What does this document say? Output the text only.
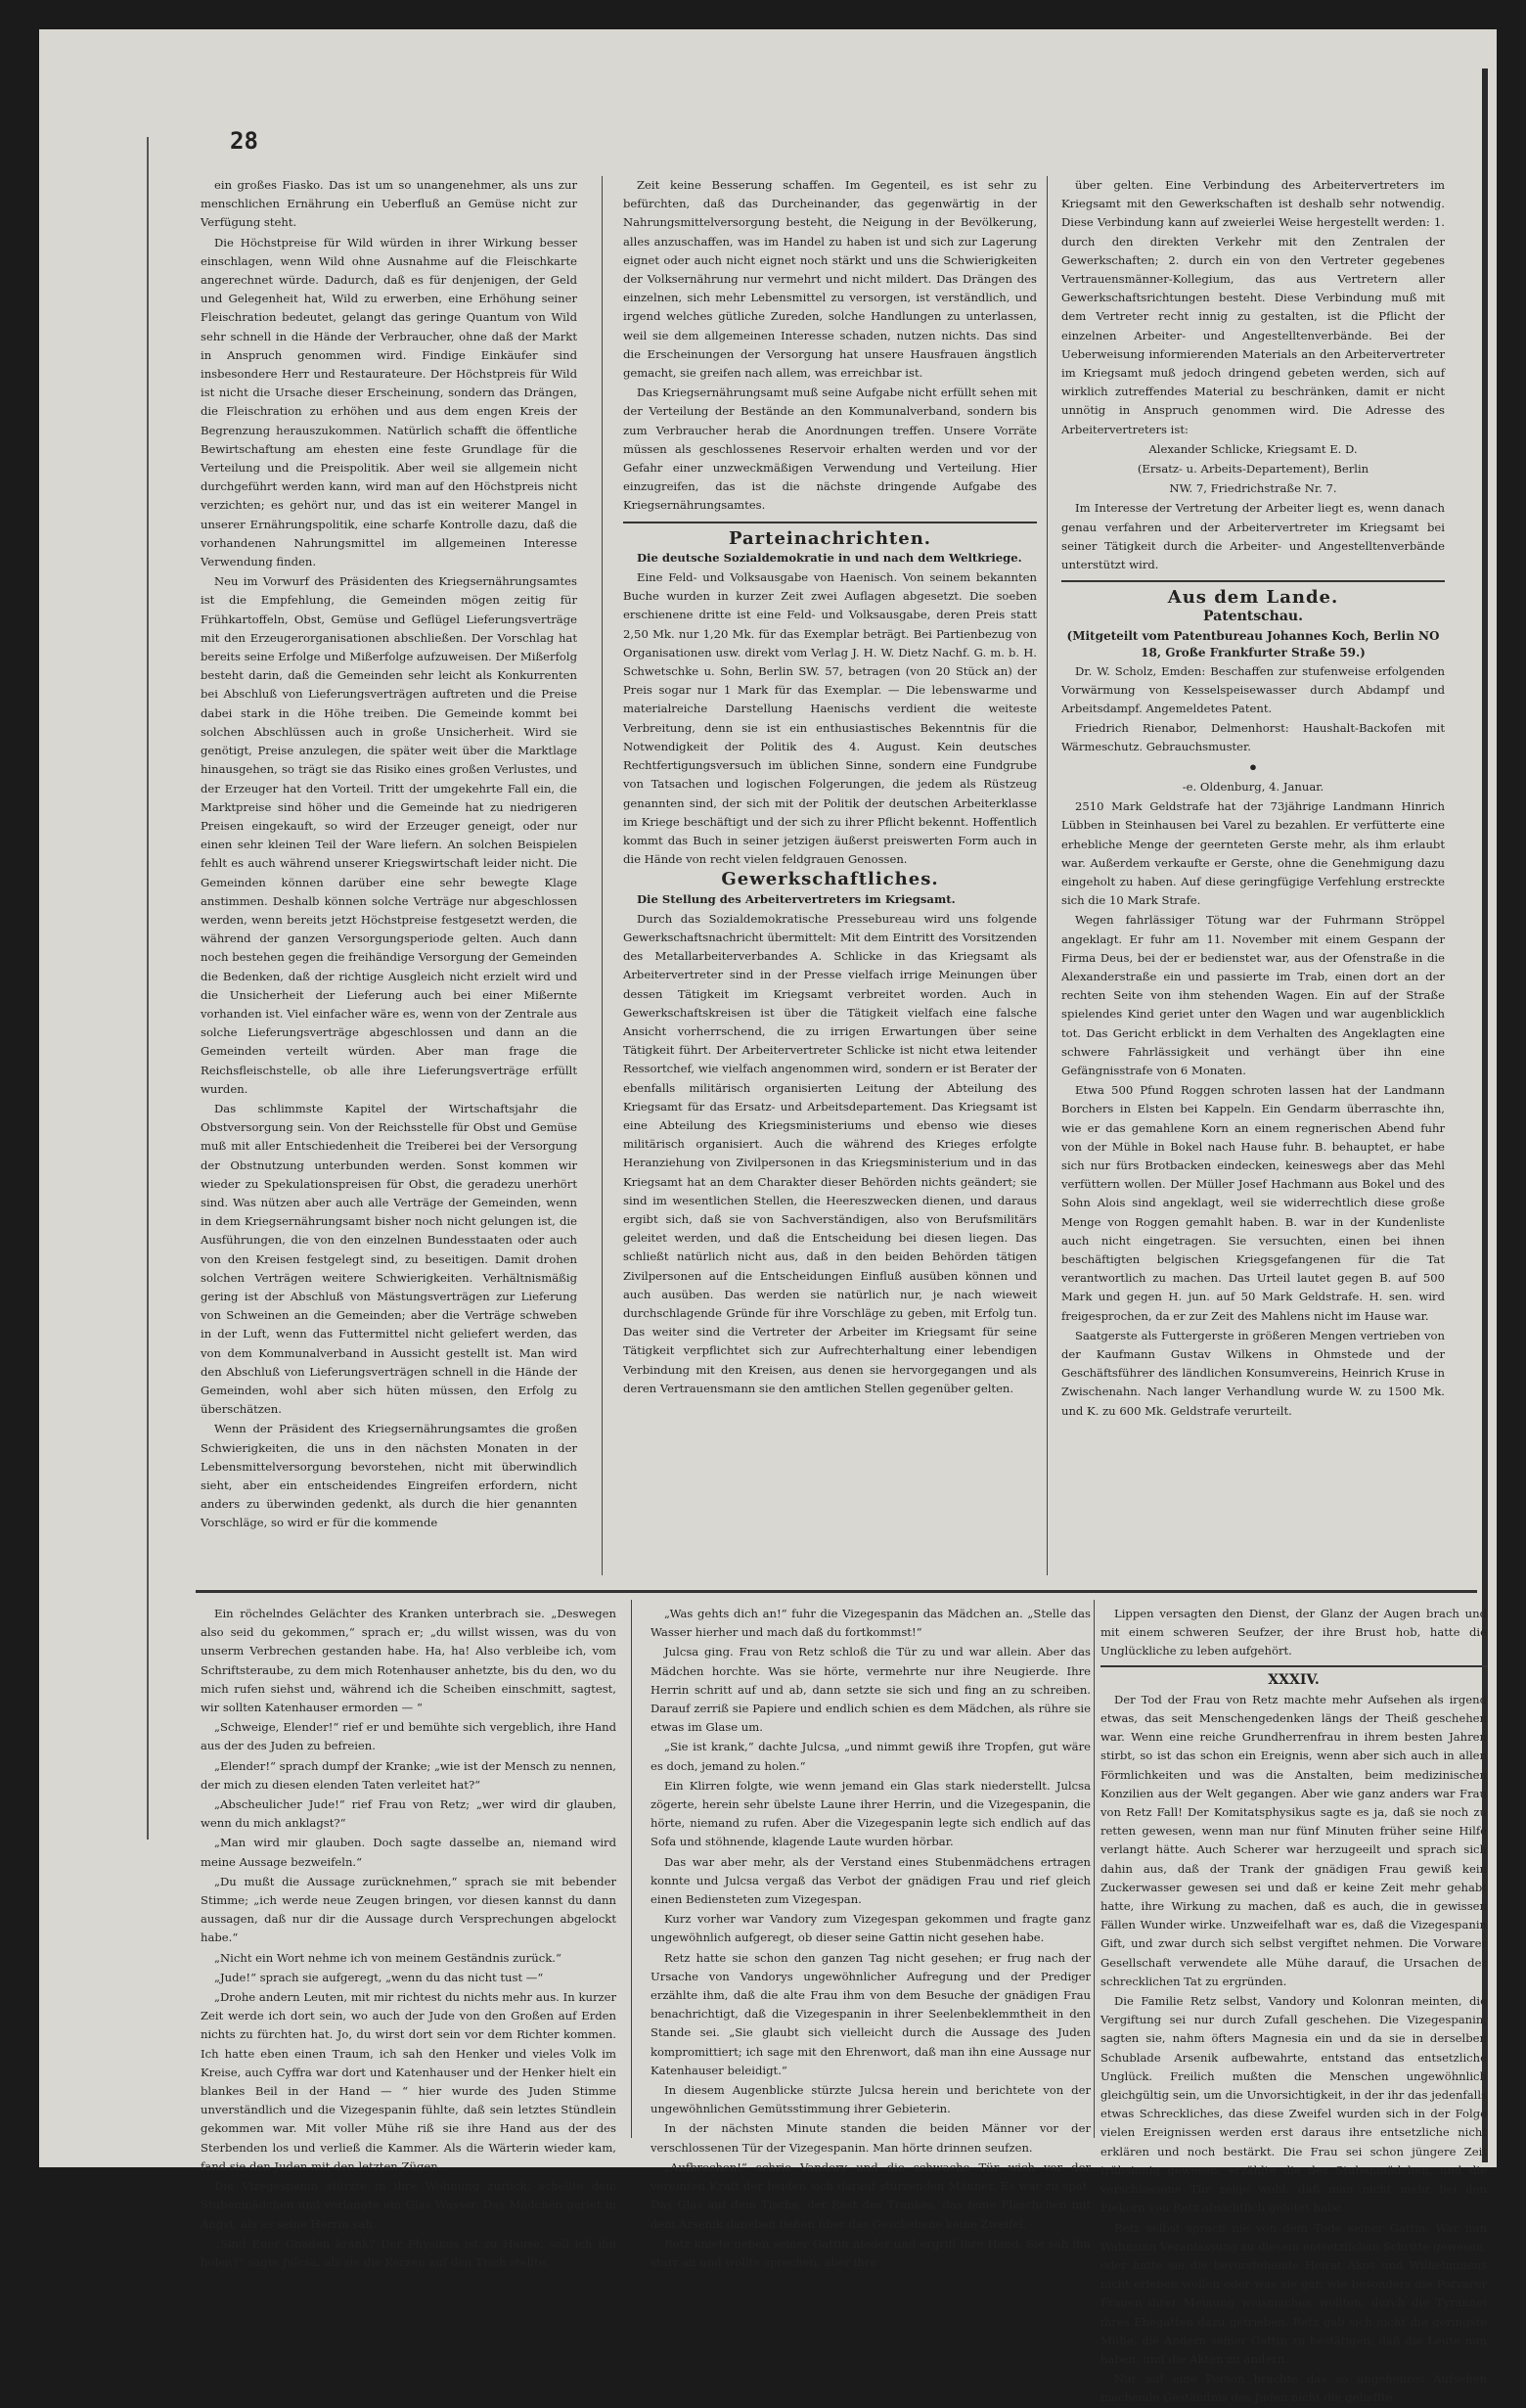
28

ein großes Fiasko. Das ist um so unangenehmer, als uns zur menschlichen Ernährung ein Ueberfluß an Gemüse nicht zur Verfügung steht.

Die Höchstpreise für Wild würden in ihrer Wirkung besser einschlagen, wenn Wild ohne Ausnahme auf die Fleischkarte angerechnet würde. Dadurch, daß es für denjenigen, der Geld und Gelegenheit hat, Wild zu erwerben, eine Erhöhung seiner Fleischration bedeutet, gelangt das geringe Quantum von Wild sehr schnell in die Hände der Verbraucher, ohne daß der Markt in Anspruch genommen wird. Findige Einkäufer sind insbesondere Herr und Restaurateure. Der Höchstpreis für Wild ist nicht die Ursache dieser Erscheinung, sondern das Drängen, die Fleischration zu erhöhen und aus dem engen Kreis der Begrenzung herauszukommen. Natürlich schafft die öffentliche Bewirtschaftung am ehesten eine feste Grundlage für die Verteilung und die Preispolitik. Aber weil sie allgemein nicht durchgeführt werden kann, wird man auf den Höchstpreis nicht verzichten; es gehört nur, und das ist ein weiterer Mangel in unserer Ernährungspolitik, eine scharfe Kontrolle dazu, daß die vorhandenen Nahrungsmittel im allgemeinen Interesse Verwendung finden.

Neu im Vorwurf des Präsidenten des Kriegsernährungsamtes ist die Empfehlung, die Gemeinden mögen zeitig für Frühkartoffeln, Obst, Gemüse und Geflügel Lieferungsverträge mit den Erzeugerorganisationen abschließen. Der Vorschlag hat bereits seine Erfolge und Mißerfolge aufzuweisen. Der Mißerfolg besteht darin, daß die Gemeinden sehr leicht als Konkurrenten bei Abschluß von Lieferungsverträgen auftreten und die Preise dabei stark in die Höhe treiben. Die Gemeinde kommt bei solchen Abschlüssen auch in große Unsicherheit. Wird sie genötigt, Preise anzulegen, die später weit über die Marktlage hinausgehen, so trägt sie das Risiko eines großen Verlustes, und der Erzeuger hat den Vorteil. Tritt der umgekehrte Fall ein, die Marktpreise sind höher und die Gemeinde hat zu niedrigeren Preisen eingekauft, so wird der Erzeuger geneigt, oder nur einen sehr kleinen Teil der Ware liefern. An solchen Beispielen fehlt es auch während unserer Kriegswirtschaft leider nicht. Die Gemeinden können darüber eine sehr bewegte Klage anstimmen. Deshalb können solche Verträge nur abgeschlossen werden, wenn bereits jetzt Höchstpreise festgesetzt werden, die während der ganzen Versorgungsperiode gelten. Auch dann noch bestehen gegen die freihändige Versorgung der Gemeinden die Bedenken, daß der richtige Ausgleich nicht erzielt wird und die Unsicherheit der Lieferung auch bei einer Mißernte vorhanden ist. Viel einfacher wäre es, wenn von der Zentrale aus solche Lieferungsverträge abgeschlossen und dann an die Gemeinden verteilt würden. Aber man frage die Reichsfleischstelle, ob alle ihre Lieferungsverträge erfüllt wurden.

Das schlimmste Kapitel der Wirtschaftsjahr die Obstversorgung sein. Von der Reichsstelle für Obst und Gemüse muß mit aller Entschiedenheit die Treiberei bei der Versorgung der Obstnutzung unterbunden werden. Sonst kommen wir wieder zu Spekulationspreisen für Obst, die geradezu unerhört sind. Was nützen aber auch alle Verträge der Gemeinden, wenn in dem Kriegsernährungsamt bisher noch nicht gelungen ist, die Ausführungen, die von den einzelnen Bundesstaaten oder auch von den Kreisen festgelegt sind, zu beseitigen. Damit drohen solchen Verträgen weitere Schwierigkeiten. Verhältnismäßig gering ist der Abschluß von Mästungsverträgen zur Lieferung von Schweinen an die Gemeinden; aber die Verträge schweben in der Luft, wenn das Futtermittel nicht geliefert werden, das von dem Kommunalverband in Aussicht gestellt ist. Man wird den Abschluß von Lieferungsverträgen schnell in die Hände der Gemeinden, wohl aber sich hüten müssen, den Erfolg zu überschätzen.

Wenn der Präsident des Kriegsernährungsamtes die großen Schwierigkeiten, die uns in den nächsten Monaten in der Lebensmittelversorgung bevorstehen, nicht mit überwindlich sieht, aber ein entscheidendes Eingreifen erfordern, nicht anders zu überwinden gedenkt, als durch die hier genannten Vorschläge, so wird er für die kommende

Zeit keine Besserung schaffen. Im Gegenteil, es ist sehr zu befürchten, daß das Durcheinander, das gegenwärtig in der Nahrungsmittelversorgung besteht, die Neigung in der Bevölkerung, alles anzuschaffen, was im Handel zu haben ist und sich zur Lagerung eignet oder auch nicht eignet noch stärkt und uns die Schwierigkeiten der Volksernährung nur vermehrt und nicht mildert. Das Drängen des einzelnen, sich mehr Lebensmittel zu versorgen, ist verständlich, und irgend welches gütliche Zureden, solche Handlungen zu unterlassen, weil sie dem allgemeinen Interesse schaden, nutzen nichts. Das sind die Erscheinungen der Versorgung hat unsere Hausfrauen ängstlich gemacht, sie greifen nach allem, was erreichbar ist.

Das Kriegsernährungsamt muß seine Aufgabe nicht erfüllt sehen mit der Verteilung der Bestände an den Kommunalverband, sondern bis zum Verbraucher herab die Anordnungen treffen. Unsere Vorräte müssen als geschlossenes Reservoir erhalten werden und vor der Gefahr einer unzweckmäßigen Verwendung und Verteilung. Hier einzugreifen, das ist die nächste dringende Aufgabe des Kriegsernährungsamtes.

Parteinachrichten.

Die deutsche Sozialdemokratie in und nach dem Weltkriege.

Eine Feld- und Volksausgabe von Haenisch. Von seinem bekannten Buche wurden in kurzer Zeit zwei Auflagen abgesetzt. Die soeben erschienene dritte ist eine Feld- und Volksausgabe, deren Preis statt 2,50 Mk. nur 1,20 Mk. für das Exemplar beträgt. Bei Partienbezug von Organisationen usw. direkt vom Verlag J. H. W. Dietz Nachf. G. m. b. H. Schwetschke u. Sohn, Berlin SW. 57, betragen (von 20 Stück an) der Preis sogar nur 1 Mark für das Exemplar. — Die lebenswarme und materialreiche Darstellung Haenischs verdient die weiteste Verbreitung, denn sie ist ein enthusiastisches Bekenntnis für die Notwendigkeit der Politik des 4. August. Kein deutsches Rechtfertigungsversuch im üblichen Sinne, sondern eine Fundgrube von Tatsachen und logischen Folgerungen, die jedem als Rüstzeug genannten sind, der sich mit der Politik der deutschen Arbeiterklasse im Kriege beschäftigt und der sich zu ihrer Pflicht bekennt. Hoffentlich kommt das Buch in seiner jetzigen äußerst preiswerten Form auch in die Hände von recht vielen feldgrauen Genossen.

Gewerkschaftliches.

Die Stellung des Arbeitervertreters im Kriegsamt.

Durch das Sozialdemokratische Pressebureau wird uns folgende Gewerkschaftsnachricht übermittelt: Mit dem Eintritt des Vorsitzenden des Metallarbeiterverbandes A. Schlicke in das Kriegsamt als Arbeitervertreter sind in der Presse vielfach irrige Meinungen über dessen Tätigkeit im Kriegsamt verbreitet worden. Auch in Gewerkschaftskreisen ist über die Tätigkeit vielfach eine falsche Ansicht vorherrschend, die zu irrigen Erwartungen über seine Tätigkeit führt. Der Arbeitervertreter Schlicke ist nicht etwa leitender Ressortchef, wie vielfach angenommen wird, sondern er ist Berater der ebenfalls militärisch organisierten Leitung der Abteilung des Kriegsamt für das Ersatz- und Arbeitsdepartement. Das Kriegsamt ist eine Abteilung des Kriegsministeriums und ebenso wie dieses militärisch organisiert. Auch die während des Krieges erfolgte Heranziehung von Zivilpersonen in das Kriegsministerium und in das Kriegsamt hat an dem Charakter dieser Behörden nichts geändert; sie sind im wesentlichen Stellen, die Heereszwecken dienen, und daraus ergibt sich, daß sie von Sachverständigen, also von Berufsmilitärs geleitet werden, und daß die Entscheidung bei diesen liegen. Das schließt natürlich nicht aus, daß in den beiden Behörden tätigen Zivilpersonen auf die Entscheidungen Einfluß ausüben können und auch ausüben. Das werden sie natürlich nur, je nach wieweit durchschlagende Gründe für ihre Vorschläge zu geben, mit Erfolg tun. Das weiter sind die Vertreter der Arbeiter im Kriegsamt für seine Tätigkeit verpflichtet sich zur Aufrechterhaltung einer lebendigen Verbindung mit den Kreisen, aus denen sie hervorgegangen und als deren Vertrauensmann sie den amtlichen Stellen gegenüber gelten.

über gelten. Eine Verbindung des Arbeitervertreters im Kriegsamt mit den Gewerkschaften ist deshalb sehr notwendig. Diese Verbindung kann auf zweierlei Weise hergestellt werden: 1. durch den direkten Verkehr mit den Zentralen der Gewerkschaften; 2. durch ein von den Vertreter gegebenes Vertrauensmänner-Kollegium, das aus Vertretern aller Gewerkschaftsrichtungen besteht. Diese Verbindung muß mit dem Vertreter recht innig zu gestalten, ist die Pflicht der einzelnen Arbeiter- und Angestelltenverbände. Bei der Ueberweisung informierenden Materials an den Arbeitervertreter im Kriegsamt muß jedoch dringend gebeten werden, sich auf wirklich zutreffendes Material zu beschränken, damit er nicht unnötig in Anspruch genommen wird. Die Adresse des Arbeitervertreters ist:

Alexander Schlicke, Kriegsamt E. D.

(Ersatz- u. Arbeits-Departement), Berlin

NW. 7, Friedrichstraße Nr. 7.

Im Interesse der Vertretung der Arbeiter liegt es, wenn danach genau verfahren und der Arbeitervertreter im Kriegsamt bei seiner Tätigkeit durch die Arbeiter- und Angestelltenverbände unterstützt wird.

Aus dem Lande.

Patentschau.

(Mitgeteilt vom Patentbureau Johannes Koch, Berlin NO 18, Große Frankfurter Straße 59.)

Dr. W. Scholz, Emden: Beschaffen zur stufenweise erfolgenden Vorwärmung von Kesselspeisewasser durch Abdampf und Arbeitsdampf. Angemeldetes Patent.

Friedrich Rienabor, Delmenhorst: Haushalt-Backofen mit Wärmeschutz. Gebrauchsmuster.

•

-e. Oldenburg, 4. Januar.

2510 Mark Geldstrafe hat der 73jährige Landmann Hinrich Lübben in Steinhausen bei Varel zu bezahlen. Er verfütterte eine erhebliche Menge der geernteten Gerste mehr, als ihm erlaubt war. Außerdem verkaufte er Gerste, ohne die Genehmigung dazu eingeholt zu haben. Auf diese geringfügige Verfehlung erstreckte sich die 10 Mark Strafe.

Wegen fahrlässiger Tötung war der Fuhrmann Ströppel angeklagt. Er fuhr am 11. November mit einem Gespann der Firma Deus, bei der er bedienstet war, aus der Ofenstraße in die Alexanderstraße ein und passierte im Trab, einen dort an der rechten Seite von ihm stehenden Wagen. Ein auf der Straße spielendes Kind geriet unter den Wagen und war augenblicklich tot. Das Gericht erblickt in dem Verhalten des Angeklagten eine schwere Fahrlässigkeit und verhängt über ihn eine Gefängnisstrafe von 6 Monaten.

Etwa 500 Pfund Roggen schroten lassen hat der Landmann Borchers in Elsten bei Kappeln. Ein Gendarm überraschte ihn, wie er das gemahlene Korn an einem regnerischen Abend fuhr von der Mühle in Bokel nach Hause fuhr. B. behauptet, er habe sich nur fürs Brotbacken eindecken, keineswegs aber das Mehl verfüttern wollen. Der Müller Josef Hachmann aus Bokel und des Sohn Alois sind angeklagt, weil sie widerrechtlich diese große Menge von Roggen gemahlt haben. B. war in der Kundenliste auch nicht eingetragen. Sie versuchten, einen bei ihnen beschäftigten belgischen Kriegsgefangenen für die Tat verantwortlich zu machen. Das Urteil lautet gegen B. auf 500 Mark und gegen H. jun. auf 50 Mark Geldstrafe. H. sen. wird freigesprochen, da er zur Zeit des Mahlens nicht im Hause war.

Saatgerste als Futtergerste in größeren Mengen vertrieben von der Kaufmann Gustav Wilkens in Ohmstede und der Geschäftsführer des ländlichen Konsumvereins, Heinrich Kruse in Zwischenahn. Nach langer Verhandlung wurde W. zu 1500 Mk. und K. zu 600 Mk. Geldstrafe verurteilt.

Ein röchelndes Gelächter des Kranken unterbrach sie. „Deswegen also seid du gekommen,“ sprach er; „du willst wissen, was du von unserm Verbrechen gestanden habe. Ha, ha! Also verbleibe ich, vom Schriftsteraube, zu dem mich Rotenhauser anhetzte, bis du den, wo du mich rufen siehst und, während ich die Scheiben einschmitt, sagtest, wir sollten Katenhauser ermorden — “

„Schweige, Elender!“ rief er und bemühte sich vergeblich, ihre Hand aus der des Juden zu befreien.

„Elender!“ sprach dumpf der Kranke; „wie ist der Mensch zu nennen, der mich zu diesen elenden Taten verleitet hat?“

„Abscheulicher Jude!“ rief Frau von Retz; „wer wird dir glauben, wenn du mich anklagst?“

„Man wird mir glauben. Doch sagte dasselbe an, niemand wird meine Aussage bezweifeln.“

„Du mußt die Aussage zurücknehmen,“ sprach sie mit bebender Stimme; „ich werde neue Zeugen bringen, vor diesen kannst du dann aussagen, daß nur dir die Aussage durch Versprechungen abgelockt habe.“

„Nicht ein Wort nehme ich von meinem Geständnis zurück.“

„Jude!“ sprach sie aufgeregt, „wenn du das nicht tust —“

„Drohe andern Leuten, mit mir richtest du nichts mehr aus. In kurzer Zeit werde ich dort sein, wo auch der Jude von den Großen auf Erden nichts zu fürchten hat. Jo, du wirst dort sein vor dem Richter kommen. Ich hatte eben einen Traum, ich sah den Henker und vieles Volk im Kreise, auch Cyffra war dort und Katenhauser und der Henker hielt ein blankes Beil in der Hand — “ hier wurde des Juden Stimme unverständlich und die Vizegespanin fühlte, daß sein letztes Stündlein gekommen war. Mit voller Mühe riß sie ihre Hand aus der des Sterbenden los und verließ die Kammer. Als die Wärterin wieder kam, fand sie den Juden mit den letzten Zügen.

Die Vizegespanin stürzte in ihre Wohnung zurück, schellte dem Stubenmädchen und verlangte ein Glas Wasser. Das Mädchen geriet in Angst, als es seine Herrin sah.

„Sind Euer Gnaden krank? Der Physikus ist zu Hause, soll ich ihn holen?“ sagte Julcsa, als sie die Kerzen auf den Tisch stellte.

„Was gehts dich an!“ fuhr die Vizegespanin das Mädchen an. „Stelle das Wasser hierher und mach daß du fortkommst!“

Julcsa ging. Frau von Retz schloß die Tür zu und war allein. Aber das Mädchen horchte. Was sie hörte, vermehrte nur ihre Neugierde. Ihre Herrin schritt auf und ab, dann setzte sie sich und fing an zu schreiben. Darauf zerriß sie Papiere und endlich schien es dem Mädchen, als rühre sie etwas im Glase um.

„Sie ist krank,“ dachte Julcsa, „und nimmt gewiß ihre Tropfen, gut wäre es doch, jemand zu holen.“

Ein Klirren folgte, wie wenn jemand ein Glas stark niederstellt. Julcsa zögerte, herein sehr übelste Laune ihrer Herrin, und die Vizegespanin, die hörte, niemand zu rufen. Aber die Vizegespanin legte sich endlich auf das Sofa und stöhnende, klagende Laute wurden hörbar.

Das war aber mehr, als der Verstand eines Stubenmädchens ertragen konnte und Julcsa vergaß das Verbot der gnädigen Frau und rief gleich einen Bediensteten zum Vizegespan.

Kurz vorher war Vandory zum Vizegespan gekommen und fragte ganz ungewöhnlich aufgeregt, ob dieser seine Gattin nicht gesehen habe.

Retz hatte sie schon den ganzen Tag nicht gesehen; er frug nach der Ursache von Vandorys ungewöhnlicher Aufregung und der Prediger erzählte ihm, daß die alte Frau ihm von dem Besuche der gnädigen Frau benachrichtigt, daß die Vizegespanin in ihrer Seelenbeklemmtheit in den Stande sei. „Sie glaubt sich vielleicht durch die Aussage des Juden kompromittiert; ich sage mit den Ehrenwort, daß man ihn eine Aussage nur Katenhauser beleidigt.“

In diesem Augenblicke stürzte Julcsa herein und berichtete von der ungewöhnlichen Gemütsstimmung ihrer Gebieterin.

In der nächsten Minute standen die beiden Männer vor der verschlossenen Tür der Vizegespanin. Man hörte drinnen seufzen.

„Aufbrechen!“ schrie Vandory und die schwache Tür wich vor der vereinten Kraft der beiden sich darauf stürzenden Männer. Es war zu spät. Das Glas auf dem Tische, der Rest des Trankes, das feine Fläschchen mit dem Arsenik daneben ließen über das Geschehene keine Zweifel.

Retz kniete neben seiner Gattin nieder und ergriff ihre Hand. Sie sah ihn starr an und wollte sprechen, aber ihre

Lippen versagten den Dienst, der Glanz der Augen brach und mit einem schweren Seufzer, der ihre Brust hob, hatte die Unglückliche zu leben aufgehört.

XXXIV.

Der Tod der Frau von Retz machte mehr Aufsehen als irgend etwas, das seit Menschengedenken längs der Theiß geschehen war. Wenn eine reiche Grundherrenfrau in ihrem besten Jahren stirbt, so ist das schon ein Ereignis, wenn aber sich auch in allen Förmlichkeiten und was die Anstalten, beim medizinischen Konzilien aus der Welt gegangen. Aber wie ganz anders war Frau von Retz Fall! Der Komitatsphysikus sagte es ja, daß sie noch zu retten gewesen, wenn man nur fünf Minuten früher seine Hilfe verlangt hätte. Auch Scherer war herzugeeilt und sprach sich dahin aus, daß der Trank der gnädigen Frau gewiß kein Zuckerwasser gewesen sei und daß er keine Zeit mehr gehabt hatte, ihre Wirkung zu machen, daß es auch, die in gewissen Fällen Wunder wirke. Unzweifelhaft war es, daß die Vizegespanin Gift, und zwar durch sich selbst vergiftet nehmen. Die Vorwarer Gesellschaft verwendete alle Mühe darauf, die Ursachen der schrecklichen Tat zu ergründen.

Die Familie Retz selbst, Vandory und Kolonran meinten, die Vergiftung sei nur durch Zufall geschehen. Die Vizegespanin, sagten sie, nahm öfters Magnesia ein und da sie in derselben Schublade Arsenik aufbewahrte, entstand das entsetzliche Unglück. Freilich mußten die Menschen ungewöhnlich gleichgültig sein, um die Unvorsichtigkeit, in der ihr das jedenfalls etwas Schreckliches, das diese Zweifel wurden sich in der Folge vielen Ereignissen werden erst daraus ihre entsetzliche nicht erklären und noch bestärkt. Die Frau sei schon jüngere Zeit trübsinnig gewesen, erzählte die des Stubenmädchen, und die verschlossene Tür zeige wohl, daß man nicht mehr bei den Fiekorn von Retz absichtlich getötet habe.

Retz selbst sprach nie von dem Tode seiner Gattin. War nun Wahnsinn Veranlassung zu diesem entsetzlichen Schritte gewesen, oder hatte sie die bevorstehende Heirat Akos und Wilhelminens nicht erleben wollen oder was sie gar, wie besonders die Porvarer Frauen ihrer Meinung weismachen wollten, durch die Tyrannei ihres Ehegatten dazu getrieben. Retz gab sich nicht die geringste Mühe, die Andern seiner Gattin zu bestätigen, daß die Leute nun haben, und die Akten zu ändern.

Nur auf eine Person brachte das so ungeheures Aufsehen machende Geständnis des Juden nicht die geheffte
